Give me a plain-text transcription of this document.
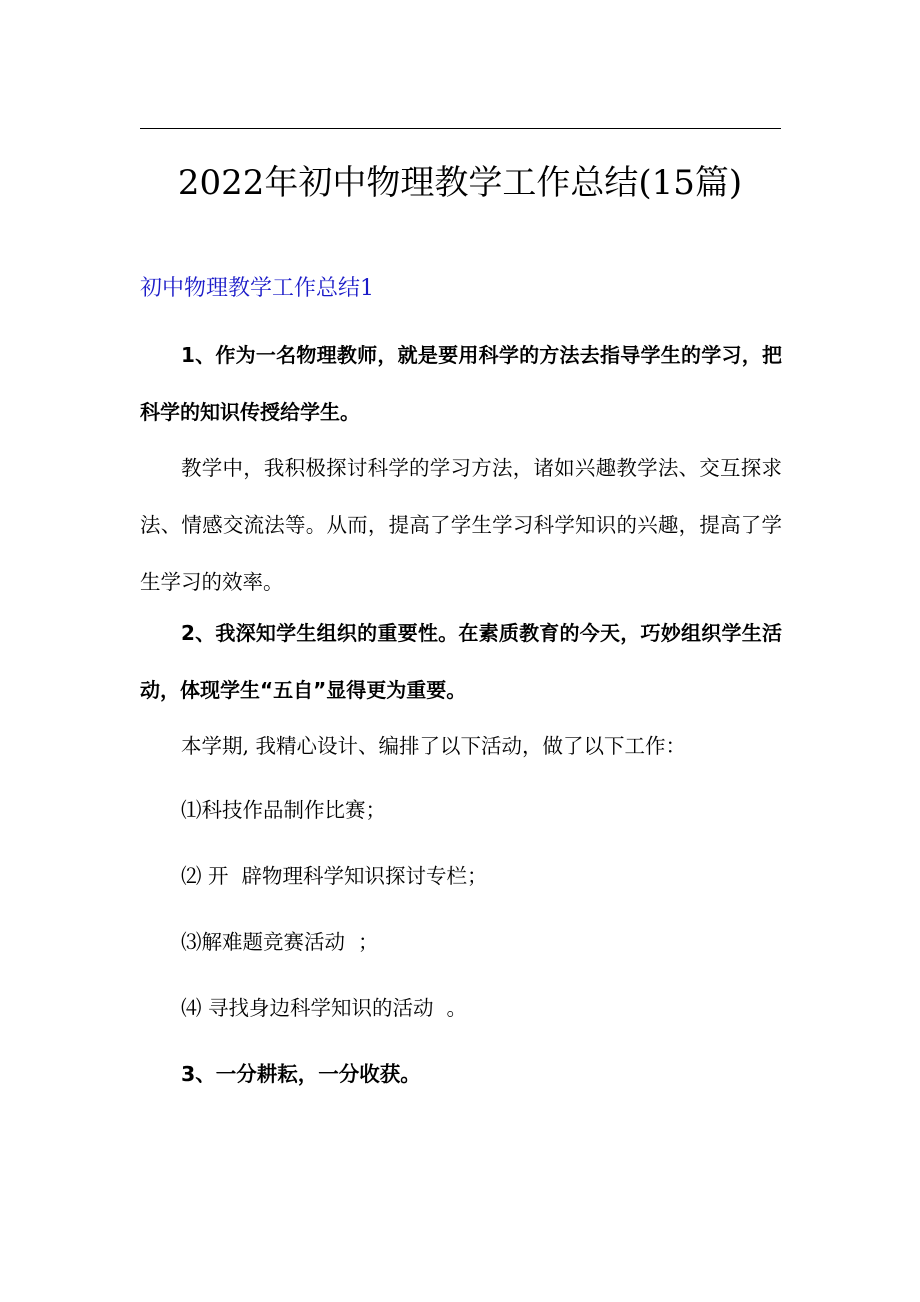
2022年初中物理教学工作总结(15篇)
初中物理教学工作总结1
1、作为一名物理教师，就是要用科学的方法去指导学生的学习，把科学的知识传授给学生。
教学中，我积极探讨科学的学习方法，诸如兴趣教学法、交互探求法、情感交流法等。从而，提高了学生学习科学知识的兴趣，提高了学生学习的效率。
2、我深知学生组织的重要性。在素质教育的今天，巧妙组织学生活动，体现学生“五自”显得更为重要。
本学期, 我精心设计、编排了以下活动，做了以下工作：
⑴科技作品制作比赛；
⑵ 开  辟物理科学知识探讨专栏；
⑶解难题竞赛活动  ；
⑷ 寻找身边科学知识的活动  。
3、一分耕耘，一分收获。
